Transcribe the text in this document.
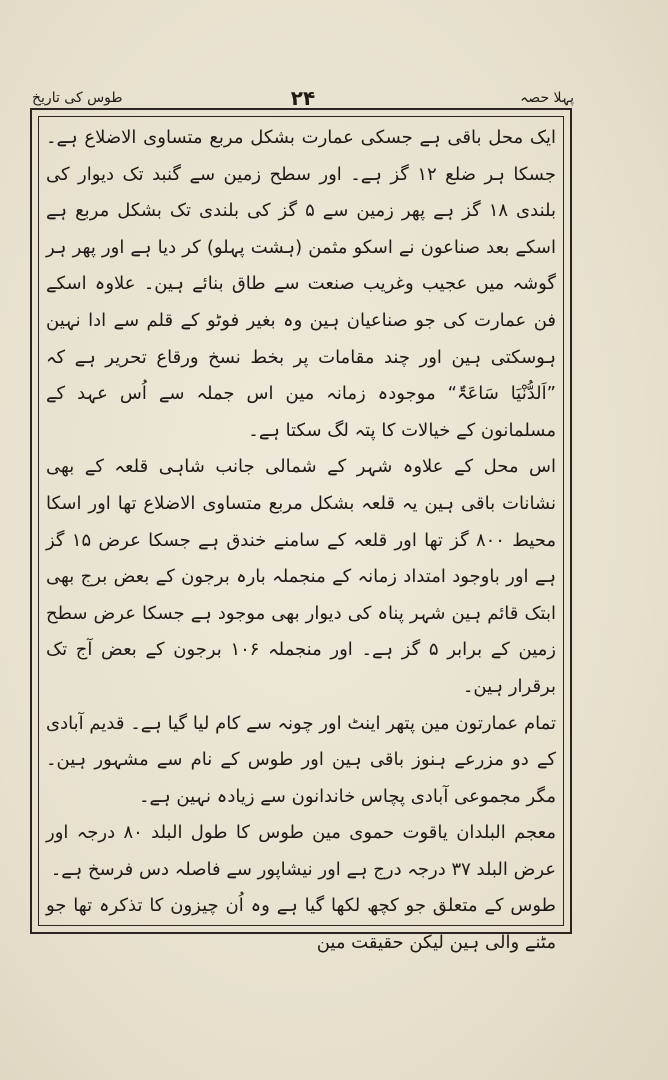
پہلا حصہ
۲۴
طوس کی تاریخ

ایک محل باقی ہے جسکی عمارت بشکل مربع متساوی الاضلاع ہے۔ جسکا ہر ضلع ۱۲ گز ہے۔ اور سطح زمین سے گنبد تک دیوار کی بلندی ۱۸ گز ہے پھر زمین سے ۵ گز کی بلندی تک بشکل مربع ہے اسکے بعد صناعون نے اسکو مثمن (ہشت پہلو) کر دیا ہے اور پھر ہر گوشہ میں عجیب وغریب صنعت سے طاق بنائے ہین۔ علاوہ اسکے فن عمارت کی جو صناعیان ہین وہ بغیر فوٹو کے قلم سے ادا نہین ہوسکتی ہین اور چند مقامات پر بخط نسخ ورقاع تحریر ہے کہ ”اَلدُّنْیَا سَاعَۃٌ“ موجودہ زمانہ مین اس جملہ سے اُس عہد کے مسلمانون کے خیالات کا پتہ لگ سکتا ہے۔

اس محل کے علاوہ شہر کے شمالی جانب شاہی قلعہ کے بھی نشانات باقی ہین یہ قلعہ بشکل مربع متساوی الاضلاع تھا اور اسکا محیط ۸۰۰ گز تھا اور قلعہ کے سامنے خندق ہے جسکا عرض ۱۵ گز ہے اور باوجود امتداد زمانہ کے منجملہ بارہ برجون کے بعض برج بھی ابتک قائم ہین شہر پناہ کی دیوار بھی موجود ہے جسکا عرض سطح زمین کے برابر ۵ گز ہے۔ اور منجملہ ۱۰۶ برجون کے بعض آج تک برقرار ہین۔

تمام عمارتون مین پتھر اینٹ اور چونہ سے کام لیا گیا ہے۔ قدیم آبادی کے دو مزرعے ہنوز باقی ہین اور طوس کے نام سے مشہور ہین۔ مگر مجموعی آبادی پچاس خاندانون سے زیادہ نہین ہے۔

معجم البلدان یاقوت حموی مین طوس کا طول البلد ۸۰ درجہ اور عرض البلد ۳۷ درجہ درج ہے اور نیشاپور سے فاصلہ دس فرسخ ہے۔

طوس کے متعلق جو کچھ لکھا گیا ہے وہ اُن چیزون کا تذکرہ تھا جو مٹنے والی ہین لیکن حقیقت مین
